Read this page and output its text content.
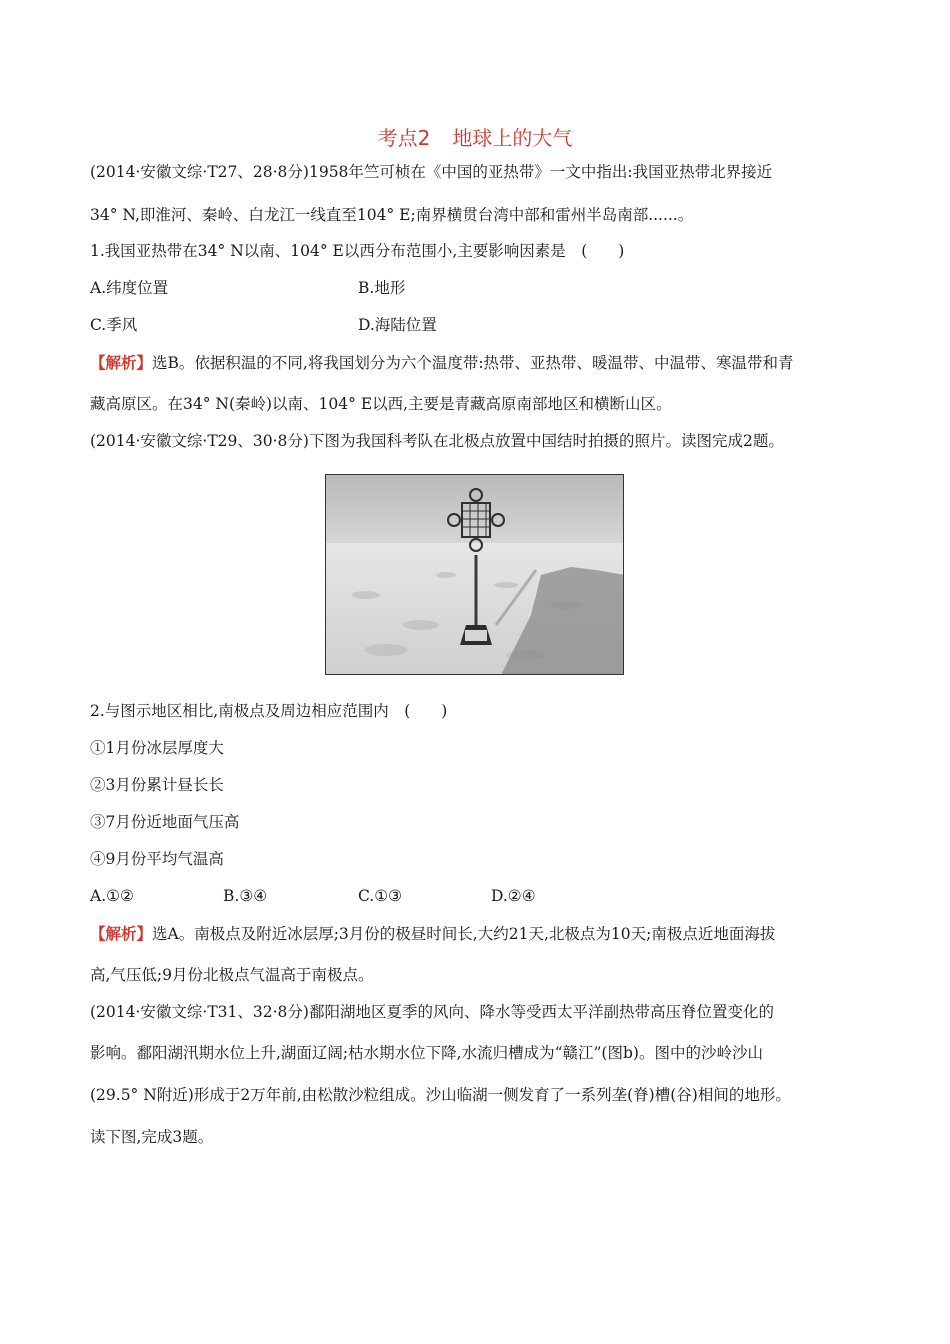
考点2 地球上的大气
(2014·安徽文综·T27、28·8分)1958年竺可桢在《中国的亚热带》一文中指出:我国亚热带北界接近
34° N,即淮河、秦岭、白龙江一线直至104° E;南界横贯台湾中部和雷州半岛南部......。
1.我国亚热带在34° N以南、104° E以西分布范围小,主要影响因素是　(　　)
A.纬度位置	B.地形
C.季风	D.海陆位置
【解析】选B。依据积温的不同,将我国划分为六个温度带:热带、亚热带、暖温带、中温带、寒温带和青
藏高原区。在34° N(秦岭)以南、104° E以西,主要是青藏高原南部地区和横断山区。
(2014·安徽文综·T29、30·8分)下图为我国科考队在北极点放置中国结时拍摄的照片。读图完成2题。
2.与图示地区相比,南极点及周边相应范围内　(　　)
①1月份冰层厚度大
②3月份累计昼长长
③7月份近地面气压高
④9月份平均气温高
A.①②	B.③④	C.①③	D.②④
【解析】选A。南极点及附近冰层厚;3月份的极昼时间长,大约21天,北极点为10天;南极点近地面海拔
高,气压低;9月份北极点气温高于南极点。
(2014·安徽文综·T31、32·8分)鄱阳湖地区夏季的风向、降水等受西太平洋副热带高压脊位置变化的
影响。鄱阳湖汛期水位上升,湖面辽阔;枯水期水位下降,水流归槽成为“赣江”(图b)。图中的沙岭沙山
(29.5° N附近)形成于2万年前,由松散沙粒组成。沙山临湖一侧发育了一系列垄(脊)槽(谷)相间的地形。
读下图,完成3题。
